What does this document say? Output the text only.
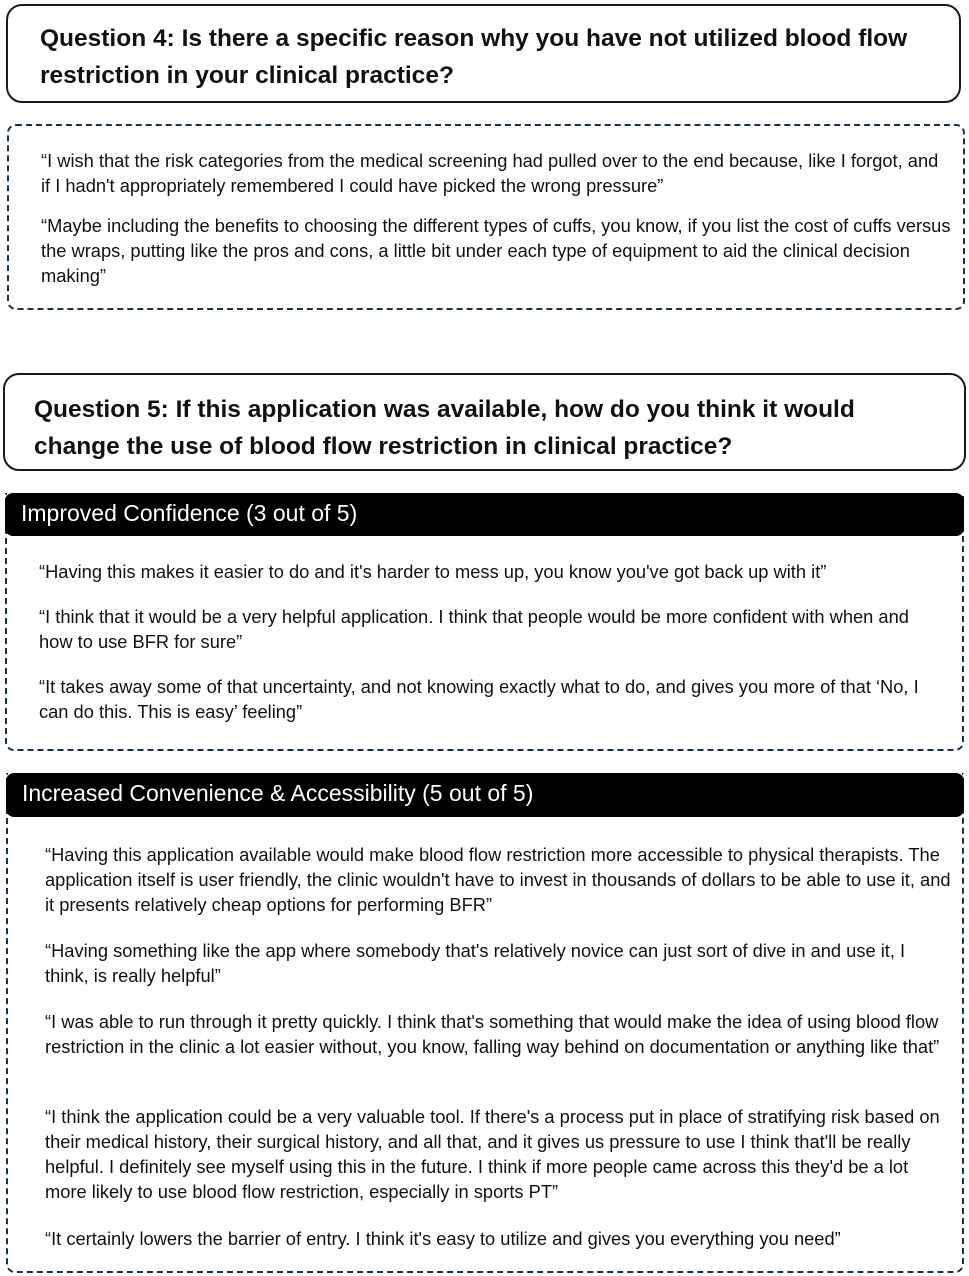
Question 4: Is there a specific reason why you have not utilized blood flow restriction in your clinical practice?

“I wish that the risk categories from the medical screening had pulled over to the end because, like I forgot, and if I hadn't appropriately remembered I could have picked the wrong pressure”

“Maybe including the benefits to choosing the different types of cuffs, you know, if you list the cost of cuffs versus the wraps, putting like the pros and cons, a little bit under each type of equipment to aid the clinical decision making”

Question 5: If this application was available, how do you think it would change the use of blood flow restriction in clinical practice?

“Having this makes it easier to do and it's harder to mess up, you know you've got back up with it”

“I think that it would be a very helpful application. I think that people would be more confident with when and how to use BFR for sure”

“It takes away some of that uncertainty, and not knowing exactly what to do, and gives you more of that ‘No, I can do this. This is easy’ feeling”

Improved Confidence (3 out of 5)

“Having this application available would make blood flow restriction more accessible to physical therapists. The application itself is user friendly, the clinic wouldn't have to invest in thousands of dollars to be able to use it, and it presents relatively cheap options for performing BFR”

“Having something like the app where somebody that's relatively novice can just sort of dive in and use it, I think, is really helpful”

“I was able to run through it pretty quickly. I think that's something that would make the idea of using blood flow restriction in the clinic a lot easier without, you know, falling way behind on documentation or anything like that”

“I think the application could be a very valuable tool. If there's a process put in place of stratifying risk based on their medical history, their surgical history, and all that, and it gives us pressure to use I think that'll be really helpful. I definitely see myself using this in the future. I think if more people came across this they'd be a lot more likely to use blood flow restriction, especially in sports PT”

“It certainly lowers the barrier of entry. I think it's easy to utilize and gives you everything you need”

Increased Convenience & Accessibility (5 out of 5)
